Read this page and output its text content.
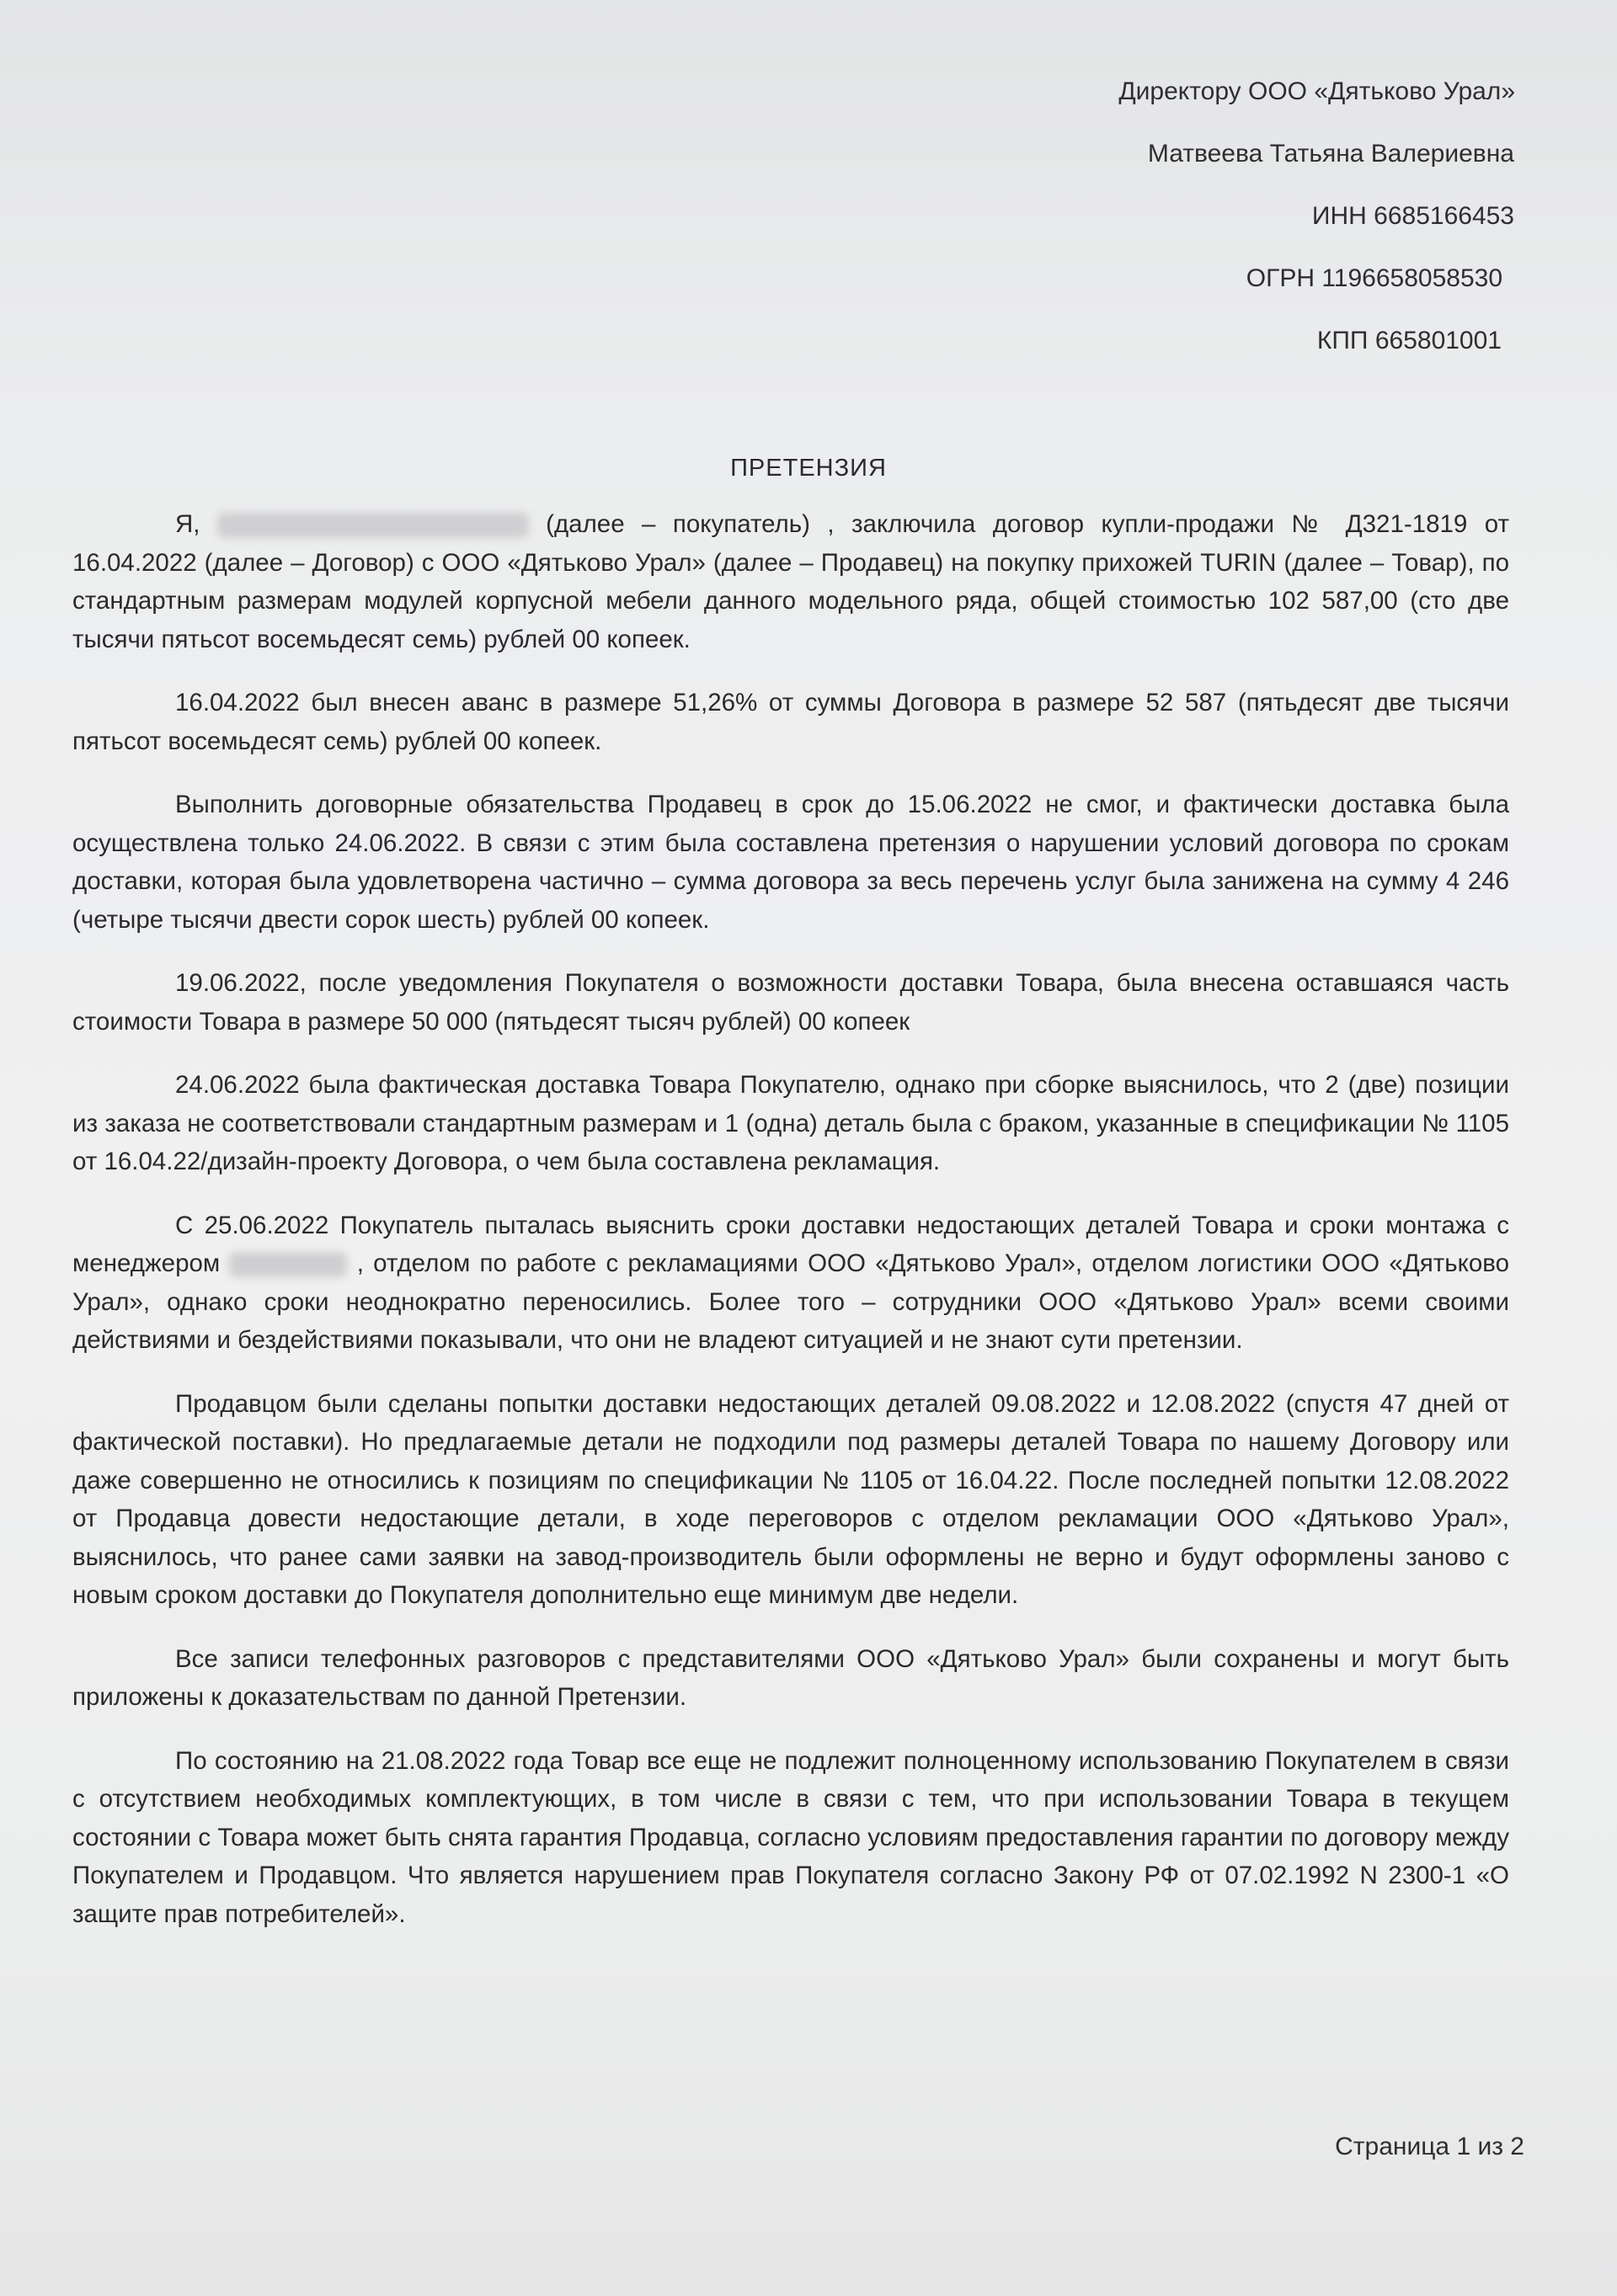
Директору ООО «Дятьково Урал»
Матвеева Татьяна Валериевна
ИНН 6685166453
ОГРН 1196658058530
КПП 665801001
ПРЕТЕНЗИЯ

Я,	(далее – покупатель) , заключила договор купли-продажи № Д321-1819 от 16.04.2022 (далее – Договор) с ООО «Дятьково Урал» (далее – Продавец) на покупку прихожей TURIN (далее – Товар), по стандартным размерам модулей корпусной мебели данного модельного ряда, общей стоимостью 102 587,00 (сто две тысячи пятьсот восемьдесят семь) рублей 00 копеек.

16.04.2022 был внесен аванс в размере 51,26% от суммы Договора в размере 52 587 (пятьдесят две тысячи пятьсот восемьдесят семь) рублей 00 копеек.

Выполнить договорные обязательства Продавец в срок до 15.06.2022 не смог, и фактически доставка была осуществлена только 24.06.2022. В связи с этим была составлена претензия о нарушении условий договора по срокам доставки, которая была удовлетворена частично – сумма договора за весь перечень услуг была занижена на сумму 4 246 (четыре тысячи двести сорок шесть) рублей 00 копеек.

19.06.2022, после уведомления Покупателя о возможности доставки Товара, была внесена оставшаяся часть стоимости Товара в размере 50 000 (пятьдесят тысяч рублей) 00 копеек

24.06.2022 была фактическая доставка Товара Покупателю, однако при сборке выяснилось, что 2 (две) позиции из заказа не соответствовали стандартным размерам и 1 (одна) деталь была с браком, указанные в спецификации № 1105 от 16.04.22/дизайн-проекту Договора, о чем была составлена рекламация.

С 25.06.2022 Покупатель пыталась выяснить сроки доставки недостающих деталей Товара и сроки монтажа с менеджером	, отделом по работе с рекламациями ООО «Дятьково Урал», отделом логистики ООО «Дятьково Урал», однако сроки неоднократно переносились. Более того – сотрудники ООО «Дятьково Урал» всеми своими действиями и бездействиями показывали, что они не владеют ситуацией и не знают сути претензии.

Продавцом были сделаны попытки доставки недостающих деталей 09.08.2022 и 12.08.2022 (спустя 47 дней от фактической поставки). Но предлагаемые детали не подходили под размеры деталей Товара по нашему Договору или даже совершенно не относились к позициям по спецификации № 1105 от 16.04.22. После последней попытки 12.08.2022 от Продавца довести недостающие детали, в ходе переговоров с отделом рекламации ООО «Дятьково Урал», выяснилось, что ранее сами заявки на завод-производитель были оформлены не верно и будут оформлены заново с новым сроком доставки до Покупателя дополнительно еще минимум две недели.

Все записи телефонных разговоров с представителями ООО «Дятьково Урал» были сохранены и могут быть приложены к доказательствам по данной Претензии.

По состоянию на 21.08.2022 года Товар все еще не подлежит полноценному использованию Покупателем в связи с отсутствием необходимых комплектующих, в том числе в связи с тем, что при использовании Товара в текущем состоянии с Товара может быть снята гарантия Продавца, согласно условиям предоставления гарантии по договору между Покупателем и Продавцом. Что является нарушением прав Покупателя согласно Закону РФ от 07.02.1992 N 2300-1 «О защите прав потребителей».

Страница 1 из 2
